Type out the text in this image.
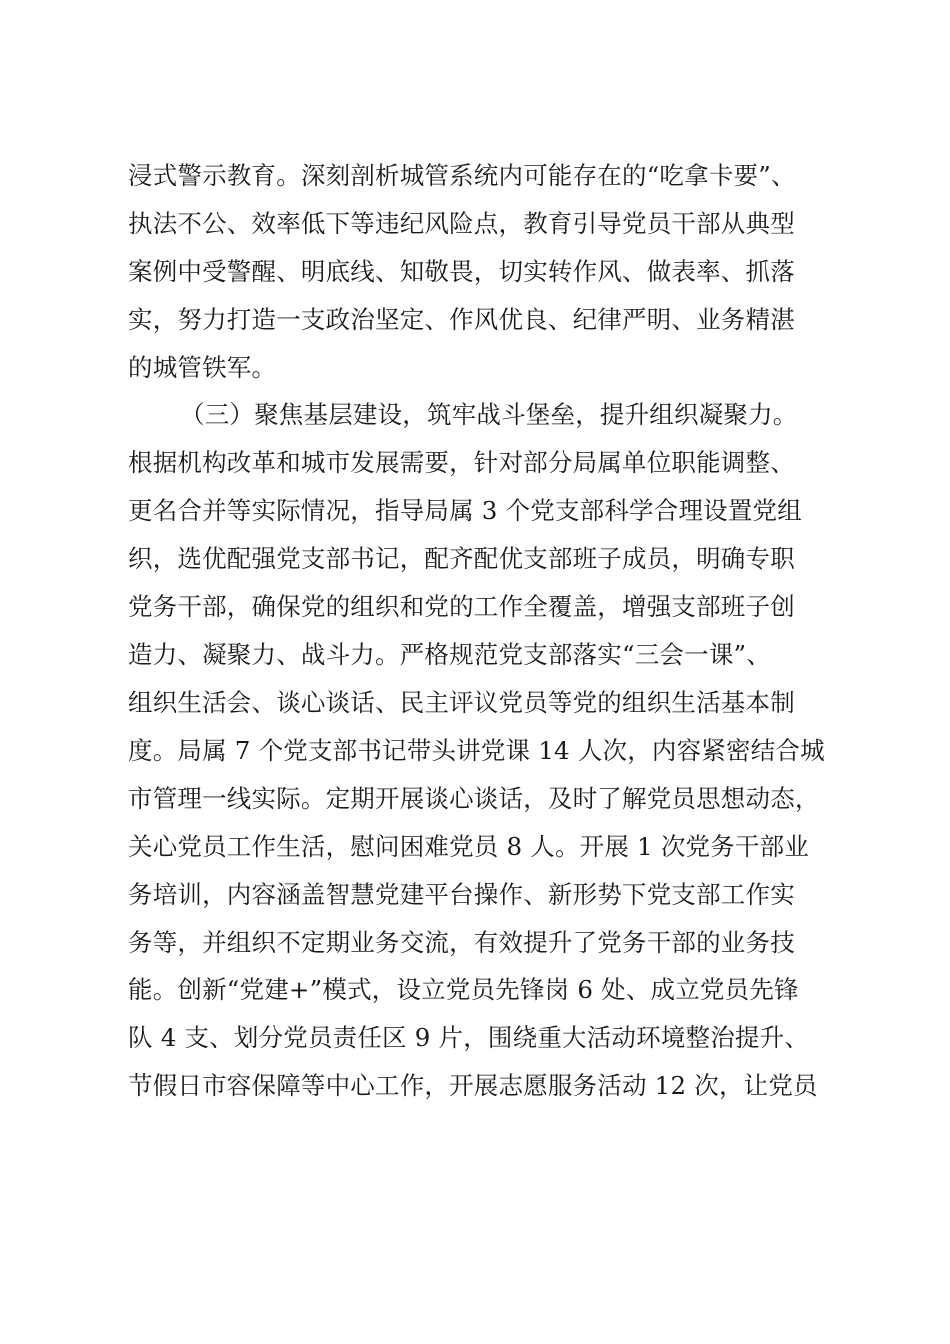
浸式警示教育。深刻剖析城管系统内可能存在的“吃拿卡要”、
执法不公、效率低下等违纪风险点，教育引导党员干部从典型
案例中受警醒、明底线、知敬畏，切实转作风、做表率、抓落
实，努力打造一支政治坚定、作风优良、纪律严明、业务精湛
的城管铁军。
（三）聚焦基层建设，筑牢战斗堡垒，提升组织凝聚力。
根据机构改革和城市发展需要，针对部分局属单位职能调整、
更名合并等实际情况，指导局属 3 个党支部科学合理设置党组
织，选优配强党支部书记，配齐配优支部班子成员，明确专职
党务干部，确保党的组织和党的工作全覆盖，增强支部班子创
造力、凝聚力、战斗力。严格规范党支部落实“三会一课”、
组织生活会、谈心谈话、民主评议党员等党的组织生活基本制
度。局属 7 个党支部书记带头讲党课 14 人次，内容紧密结合城
市管理一线实际。定期开展谈心谈话，及时了解党员思想动态，
关心党员工作生活，慰问困难党员 8 人。开展 1 次党务干部业
务培训，内容涵盖智慧党建平台操作、新形势下党支部工作实
务等，并组织不定期业务交流，有效提升了党务干部的业务技
能。创新“党建+”模式，设立党员先锋岗 6 处、成立党员先锋
队 4 支、划分党员责任区 9 片，围绕重大活动环境整治提升、
节假日市容保障等中心工作，开展志愿服务活动 12 次，让党员
